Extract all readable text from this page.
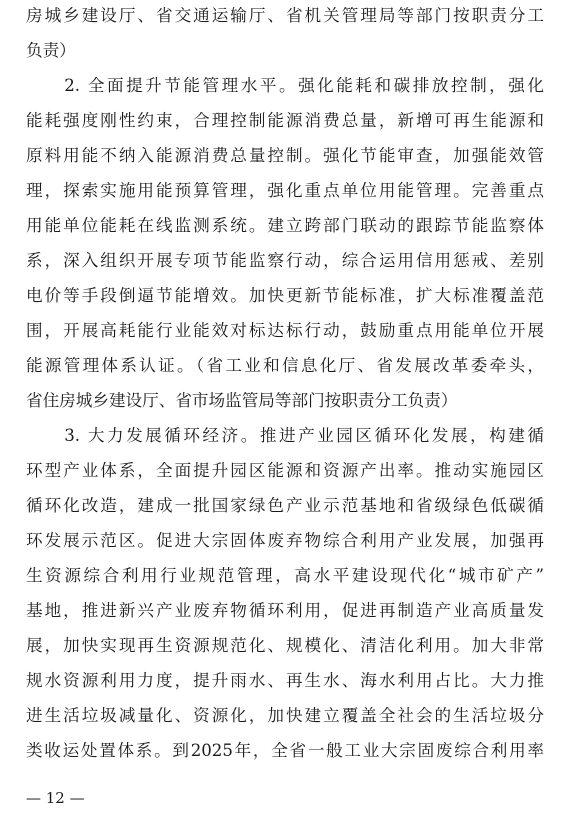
房城乡建设厅、省交通运输厅、省机关管理局等部门按职责分工
负责）
　　2. 全面提升节能管理水平。强化能耗和碳排放控制，强化
能耗强度刚性约束，合理控制能源消费总量，新增可再生能源和
原料用能不纳入能源消费总量控制。强化节能审查，加强能效管
理，探索实施用能预算管理，强化重点单位用能管理。完善重点
用能单位能耗在线监测系统。建立跨部门联动的跟踪节能监察体
系，深入组织开展专项节能监察行动，综合运用信用惩戒、差别
电价等手段倒逼节能增效。加快更新节能标准，扩大标准覆盖范
围，开展高耗能行业能效对标达标行动，鼓励重点用能单位开展
能源管理体系认证。（省工业和信息化厅、省发展改革委牵头，
省住房城乡建设厅、省市场监管局等部门按职责分工负责）
　　3. 大力发展循环经济。推进产业园区循环化发展，构建循
环型产业体系，全面提升园区能源和资源产出率。推动实施园区
循环化改造，建成一批国家绿色产业示范基地和省级绿色低碳循
环发展示范区。促进大宗固体废弃物综合利用产业发展，加强再
生资源综合利用行业规范管理，高水平建设现代化“城市矿产”
基地，推进新兴产业废弃物循环利用，促进再制造产业高质量发
展，加快实现再生资源规范化、规模化、清洁化利用。加大非常
规水资源利用力度，提升雨水、再生水、海水利用占比。大力推
进生活垃圾减量化、资源化，加快建立覆盖全社会的生活垃圾分
类收运处置体系。到2025年，全省一般工业大宗固废综合利用率
— 12 —
